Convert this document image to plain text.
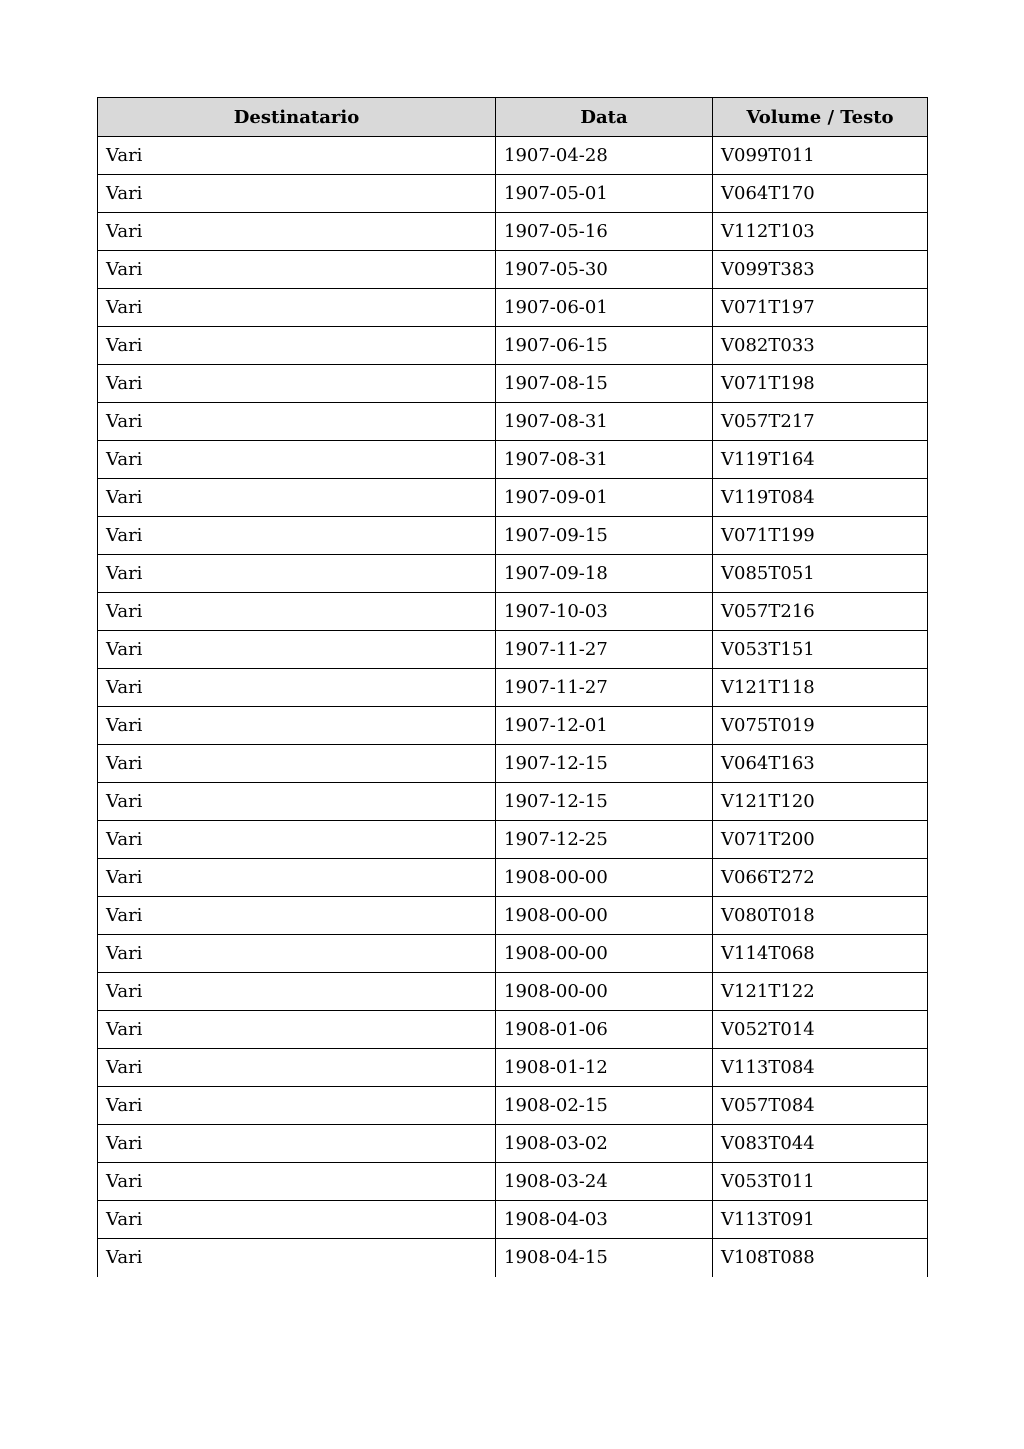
Destinatario	Data	Volume / Testo
Vari	1907-04-28	V099T011
Vari	1907-05-01	V064T170
Vari	1907-05-16	V112T103
Vari	1907-05-30	V099T383
Vari	1907-06-01	V071T197
Vari	1907-06-15	V082T033
Vari	1907-08-15	V071T198
Vari	1907-08-31	V057T217
Vari	1907-08-31	V119T164
Vari	1907-09-01	V119T084
Vari	1907-09-15	V071T199
Vari	1907-09-18	V085T051
Vari	1907-10-03	V057T216
Vari	1907-11-27	V053T151
Vari	1907-11-27	V121T118
Vari	1907-12-01	V075T019
Vari	1907-12-15	V064T163
Vari	1907-12-15	V121T120
Vari	1907-12-25	V071T200
Vari	1908-00-00	V066T272
Vari	1908-00-00	V080T018
Vari	1908-00-00	V114T068
Vari	1908-00-00	V121T122
Vari	1908-01-06	V052T014
Vari	1908-01-12	V113T084
Vari	1908-02-15	V057T084
Vari	1908-03-02	V083T044
Vari	1908-03-24	V053T011
Vari	1908-04-03	V113T091
Vari	1908-04-15	V108T088
